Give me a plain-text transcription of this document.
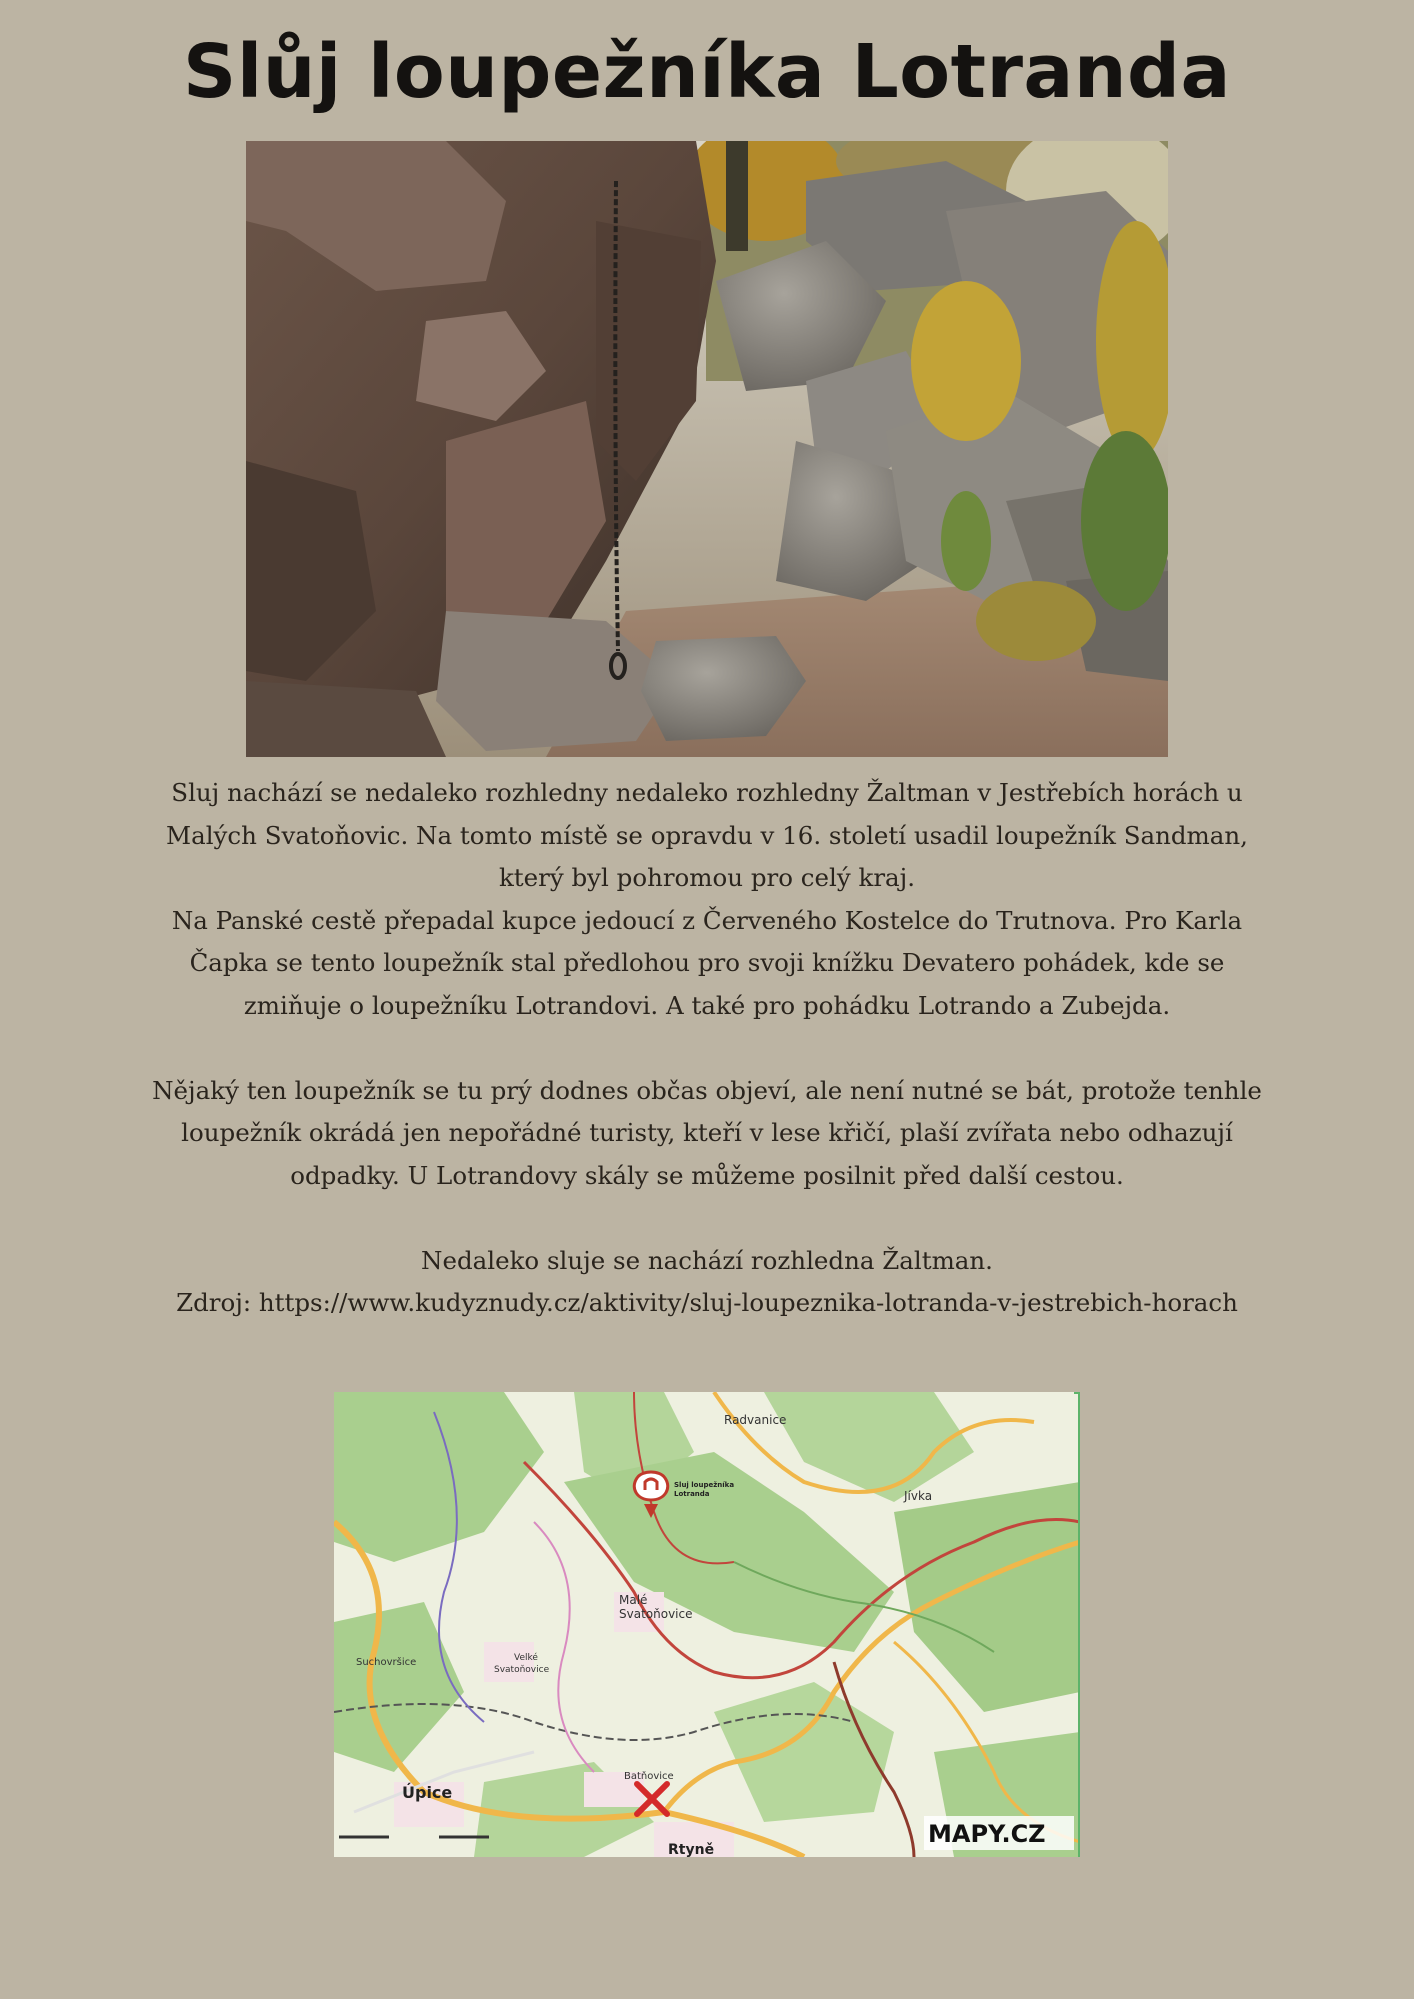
Slůj loupežníka Lotranda

Sluj nachází se nedaleko rozhledny nedaleko rozhledny Žaltman v Jestřebích horách u

Malých Svatoňovic. Na tomto místě se opravdu v 16. století usadil loupežník Sandman,

který byl pohromou pro celý kraj.

Na Panské cestě přepadal kupce jedoucí z Červeného Kostelce do Trutnova. Pro Karla

Čapka se tento loupežník stal předlohou pro svoji knížku Devatero pohádek, kde se

zmiňuje o loupežníku Lotrandovi. A také pro pohádku Lotrando a Zubejda.

Nějaký ten loupežník se tu prý dodnes občas objeví, ale není nutné se bát, protože tenhle

loupežník okrádá jen nepořádné turisty, kteří v lese křičí, plaší zvířata nebo odhazují

odpadky. U Lotrandovy skály se můžeme posilnit před další cestou.

Nedaleko sluje se nachází rozhledna Žaltman.

Zdroj: https://www.kudyznudy.cz/aktivity/sluj-loupeznika-lotranda-v-jestrebich-horach

Radvanice
Jívka
Malé
Svatoňovice
Velké
Svatoňovice
Suchovršice
Batňovice
Úpice
Rtyně
Sluj loupežníka
Lotranda
MAPY.CZ
